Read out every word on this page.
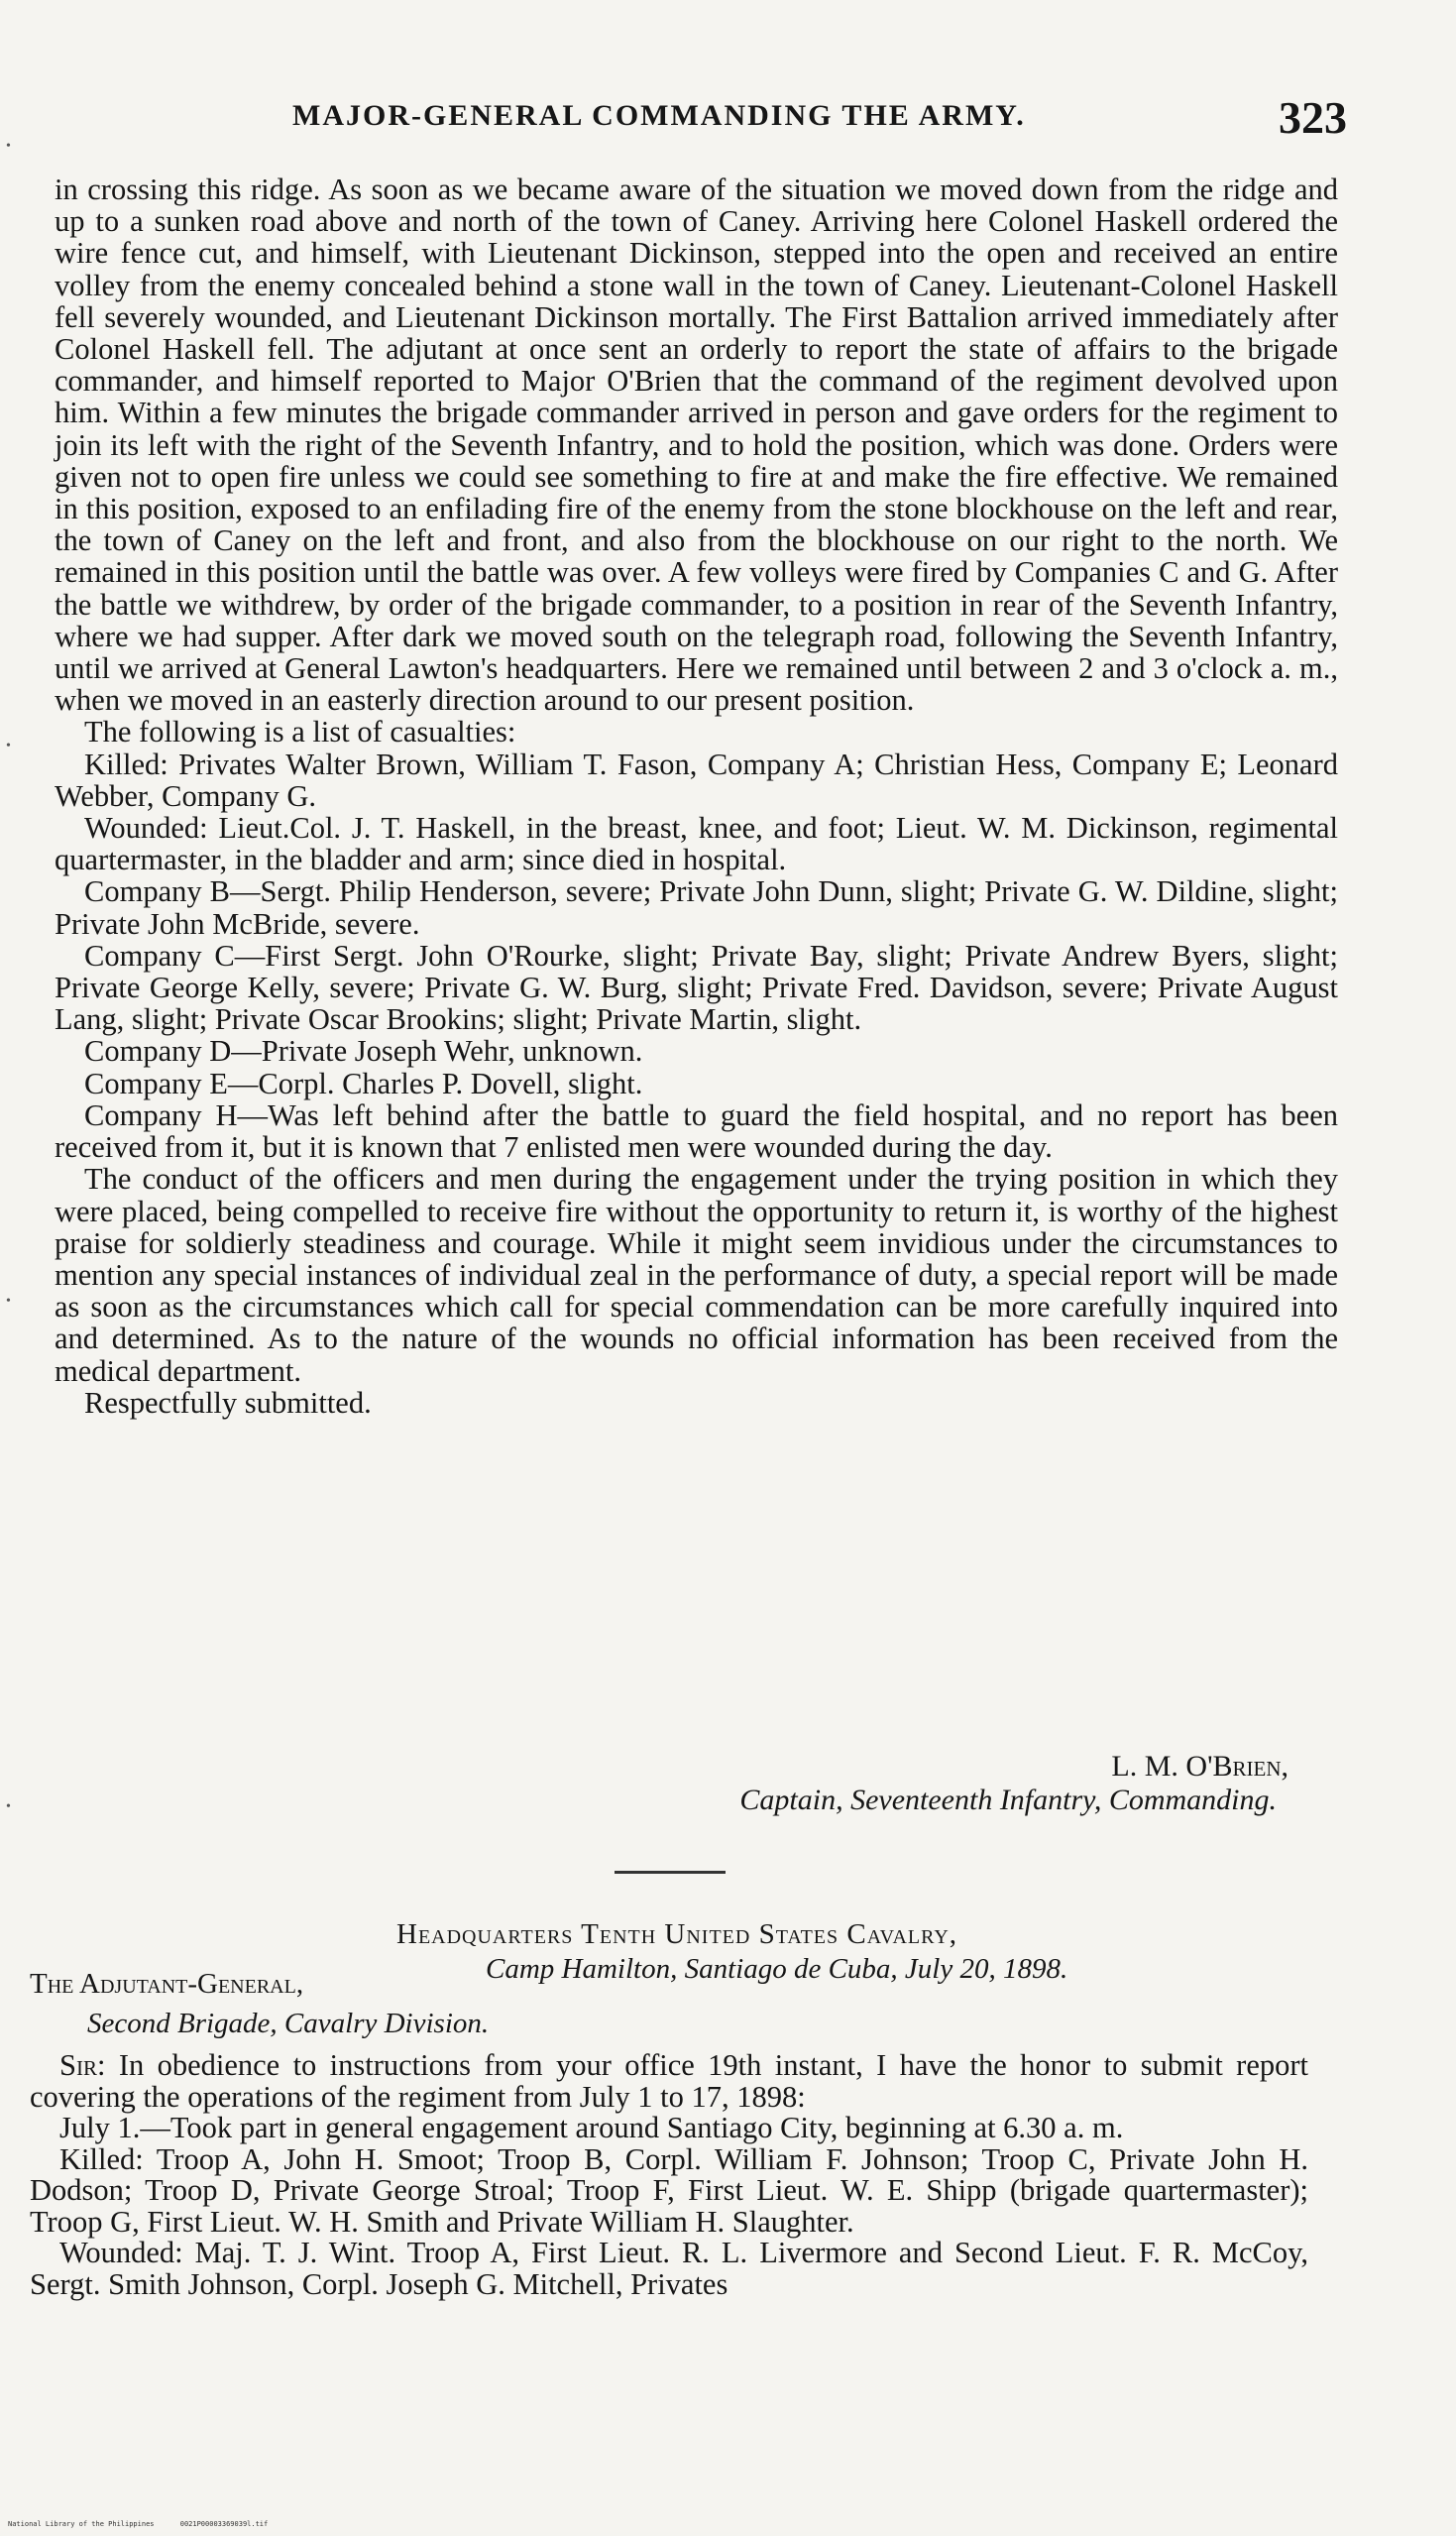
MAJOR-GENERAL COMMANDING THE ARMY.	323

in crossing this ridge. As soon as we became aware of the situation we moved down from the ridge and up to a sunken road above and north of the town of Caney. Arriving here Colonel Haskell ordered the wire fence cut, and himself, with Lieutenant Dickinson, stepped into the open and received an entire volley from the enemy concealed behind a stone wall in the town of Caney. Lieutenant-Colonel Haskell fell severely wounded, and Lieutenant Dickinson mortally. The First Battalion arrived immediately after Colonel Haskell fell. The adjutant at once sent an orderly to report the state of affairs to the brigade commander, and himself reported to Major O'Brien that the command of the regiment devolved upon him. Within a few minutes the brigade commander arrived in person and gave orders for the regiment to join its left with the right of the Seventh Infantry, and to hold the position, which was done. Orders were given not to open fire unless we could see something to fire at and make the fire effective. We remained in this position, exposed to an enfilading fire of the enemy from the stone blockhouse on the left and rear, the town of Caney on the left and front, and also from the blockhouse on our right to the north. We remained in this position until the battle was over. A few volleys were fired by Companies C and G. After the battle we withdrew, by order of the brigade commander, to a position in rear of the Seventh Infantry, where we had supper. After dark we moved south on the telegraph road, following the Seventh Infantry, until we arrived at General Lawton's headquarters. Here we remained until between 2 and 3 o'clock a. m., when we moved in an easterly direction around to our present position.

The following is a list of casualties:

Killed: Privates Walter Brown, William T. Fason, Company A; Christian Hess, Company E; Leonard Webber, Company G.

Wounded: Lieut.Col. J. T. Haskell, in the breast, knee, and foot; Lieut. W. M. Dickinson, regimental quartermaster, in the bladder and arm; since died in hospital.

Company B—Sergt. Philip Henderson, severe; Private John Dunn, slight; Private G. W. Dildine, slight; Private John McBride, severe.

Company C—First Sergt. John O'Rourke, slight; Private Bay, slight; Private Andrew Byers, slight; Private George Kelly, severe; Private G. W. Burg, slight; Private Fred. Davidson, severe; Private August Lang, slight; Private Oscar Brookins; slight; Private Martin, slight.

Company D—Private Joseph Wehr, unknown.

Company E—Corpl. Charles P. Dovell, slight.

Company H—Was left behind after the battle to guard the field hospital, and no report has been received from it, but it is known that 7 enlisted men were wounded during the day.

The conduct of the officers and men during the engagement under the trying position in which they were placed, being compelled to receive fire without the opportunity to return it, is worthy of the highest praise for soldierly steadiness and courage. While it might seem invidious under the circumstances to mention any special instances of individual zeal in the performance of duty, a special report will be made as soon as the circumstances which call for special commendation can be more carefully inquired into and determined. As to the nature of the wounds no official information has been received from the medical department.

Respectfully submitted.

L. M. O'Brien,
Captain, Seventeenth Infantry, Commanding.
Headquarters Tenth United States Cavalry,
Camp Hamilton, Santiago de Cuba, July 20, 1898.
The Adjutant-General,
Second Brigade, Cavalry Division.

Sir: In obedience to instructions from your office 19th instant, I have the honor to submit report covering the operations of the regiment from July 1 to 17, 1898:

July 1.—Took part in general engagement around Santiago City, beginning at 6.30 a. m.

Killed: Troop A, John H. Smoot; Troop B, Corpl. William F. Johnson; Troop C, Private John H. Dodson; Troop D, Private George Stroal; Troop F, First Lieut. W. E. Shipp (brigade quartermaster); Troop G, First Lieut. W. H. Smith and Private William H. Slaughter.

Wounded: Maj. T. J. Wint. Troop A, First Lieut. R. L. Livermore and Second Lieut. F. R. McCoy, Sergt. Smith Johnson, Corpl. Joseph G. Mitchell, Privates

•
•
•
•
National Library of the Philippines	0021P00003369039l.tif
